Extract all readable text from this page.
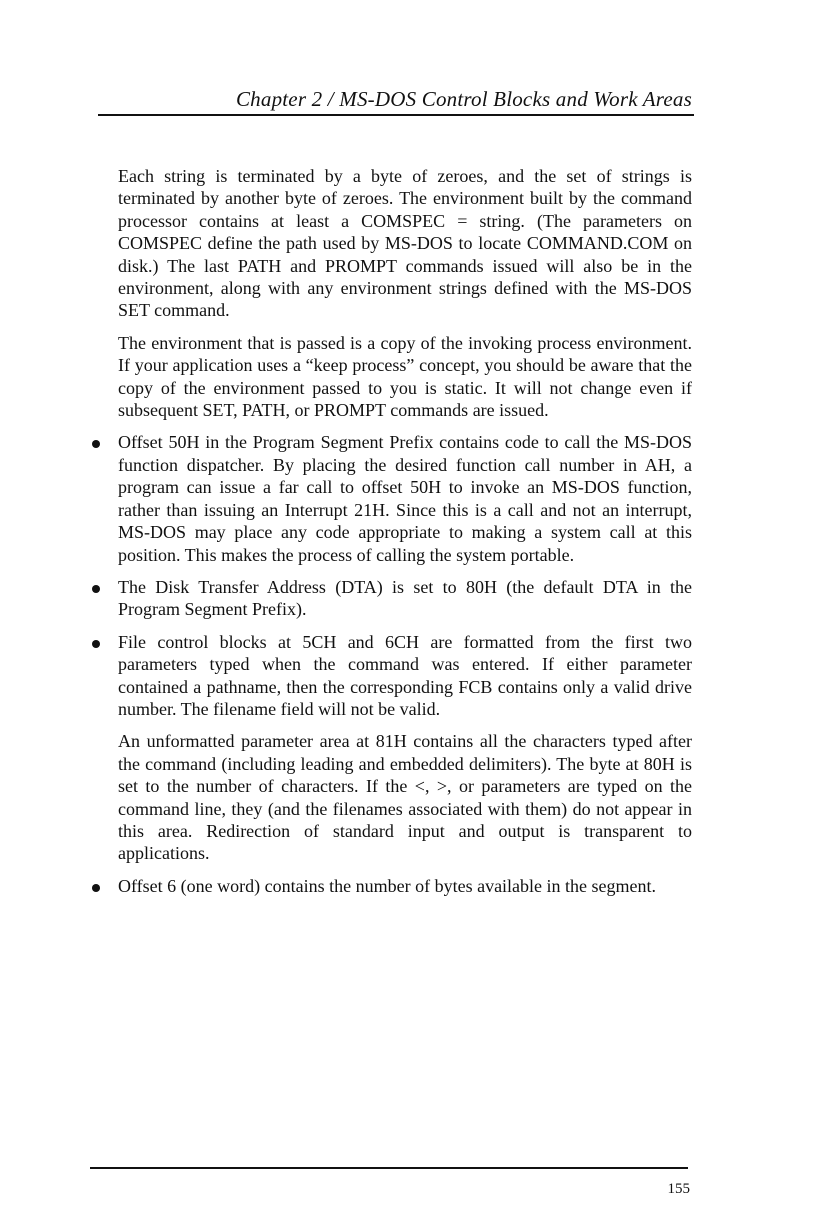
Chapter 2 / MS-DOS Control Blocks and Work Areas

Each string is terminated by a byte of zeroes, and the set of strings is terminated by another byte of zeroes. The environment built by the command processor contains at least a COMSPEC = string. (The parameters on COMSPEC define the path used by MS-DOS to locate COMMAND.COM on disk.) The last PATH and PROMPT commands issued will also be in the environment, along with any environment strings defined with the MS-DOS SET command.

The environment that is passed is a copy of the invoking process environment. If your application uses a “keep process” concept, you should be aware that the copy of the environment passed to you is static. It will not change even if subsequent SET, PATH, or PROMPT commands are issued.

Offset 50H in the Program Segment Prefix contains code to call the MS-DOS function dispatcher. By placing the desired function call number in AH, a program can issue a far call to offset 50H to invoke an MS-DOS function, rather than issuing an Interrupt 21H. Since this is a call and not an interrupt, MS-DOS may place any code appropriate to making a system call at this position. This makes the process of calling the system portable.

The Disk Transfer Address (DTA) is set to 80H (the default DTA in the Program Segment Prefix).

File control blocks at 5CH and 6CH are formatted from the first two parameters typed when the command was entered. If either parameter contained a pathname, then the corresponding FCB contains only a valid drive number. The filename field will not be valid.

An unformatted parameter area at 81H contains all the characters typed after the command (including leading and embedded delimiters). The byte at 80H is set to the number of characters. If the <, >, or parameters are typed on the command line, they (and the filenames associated with them) do not appear in this area. Redirection of standard input and output is transparent to applications.

Offset 6 (one word) contains the number of bytes available in the segment.

155
